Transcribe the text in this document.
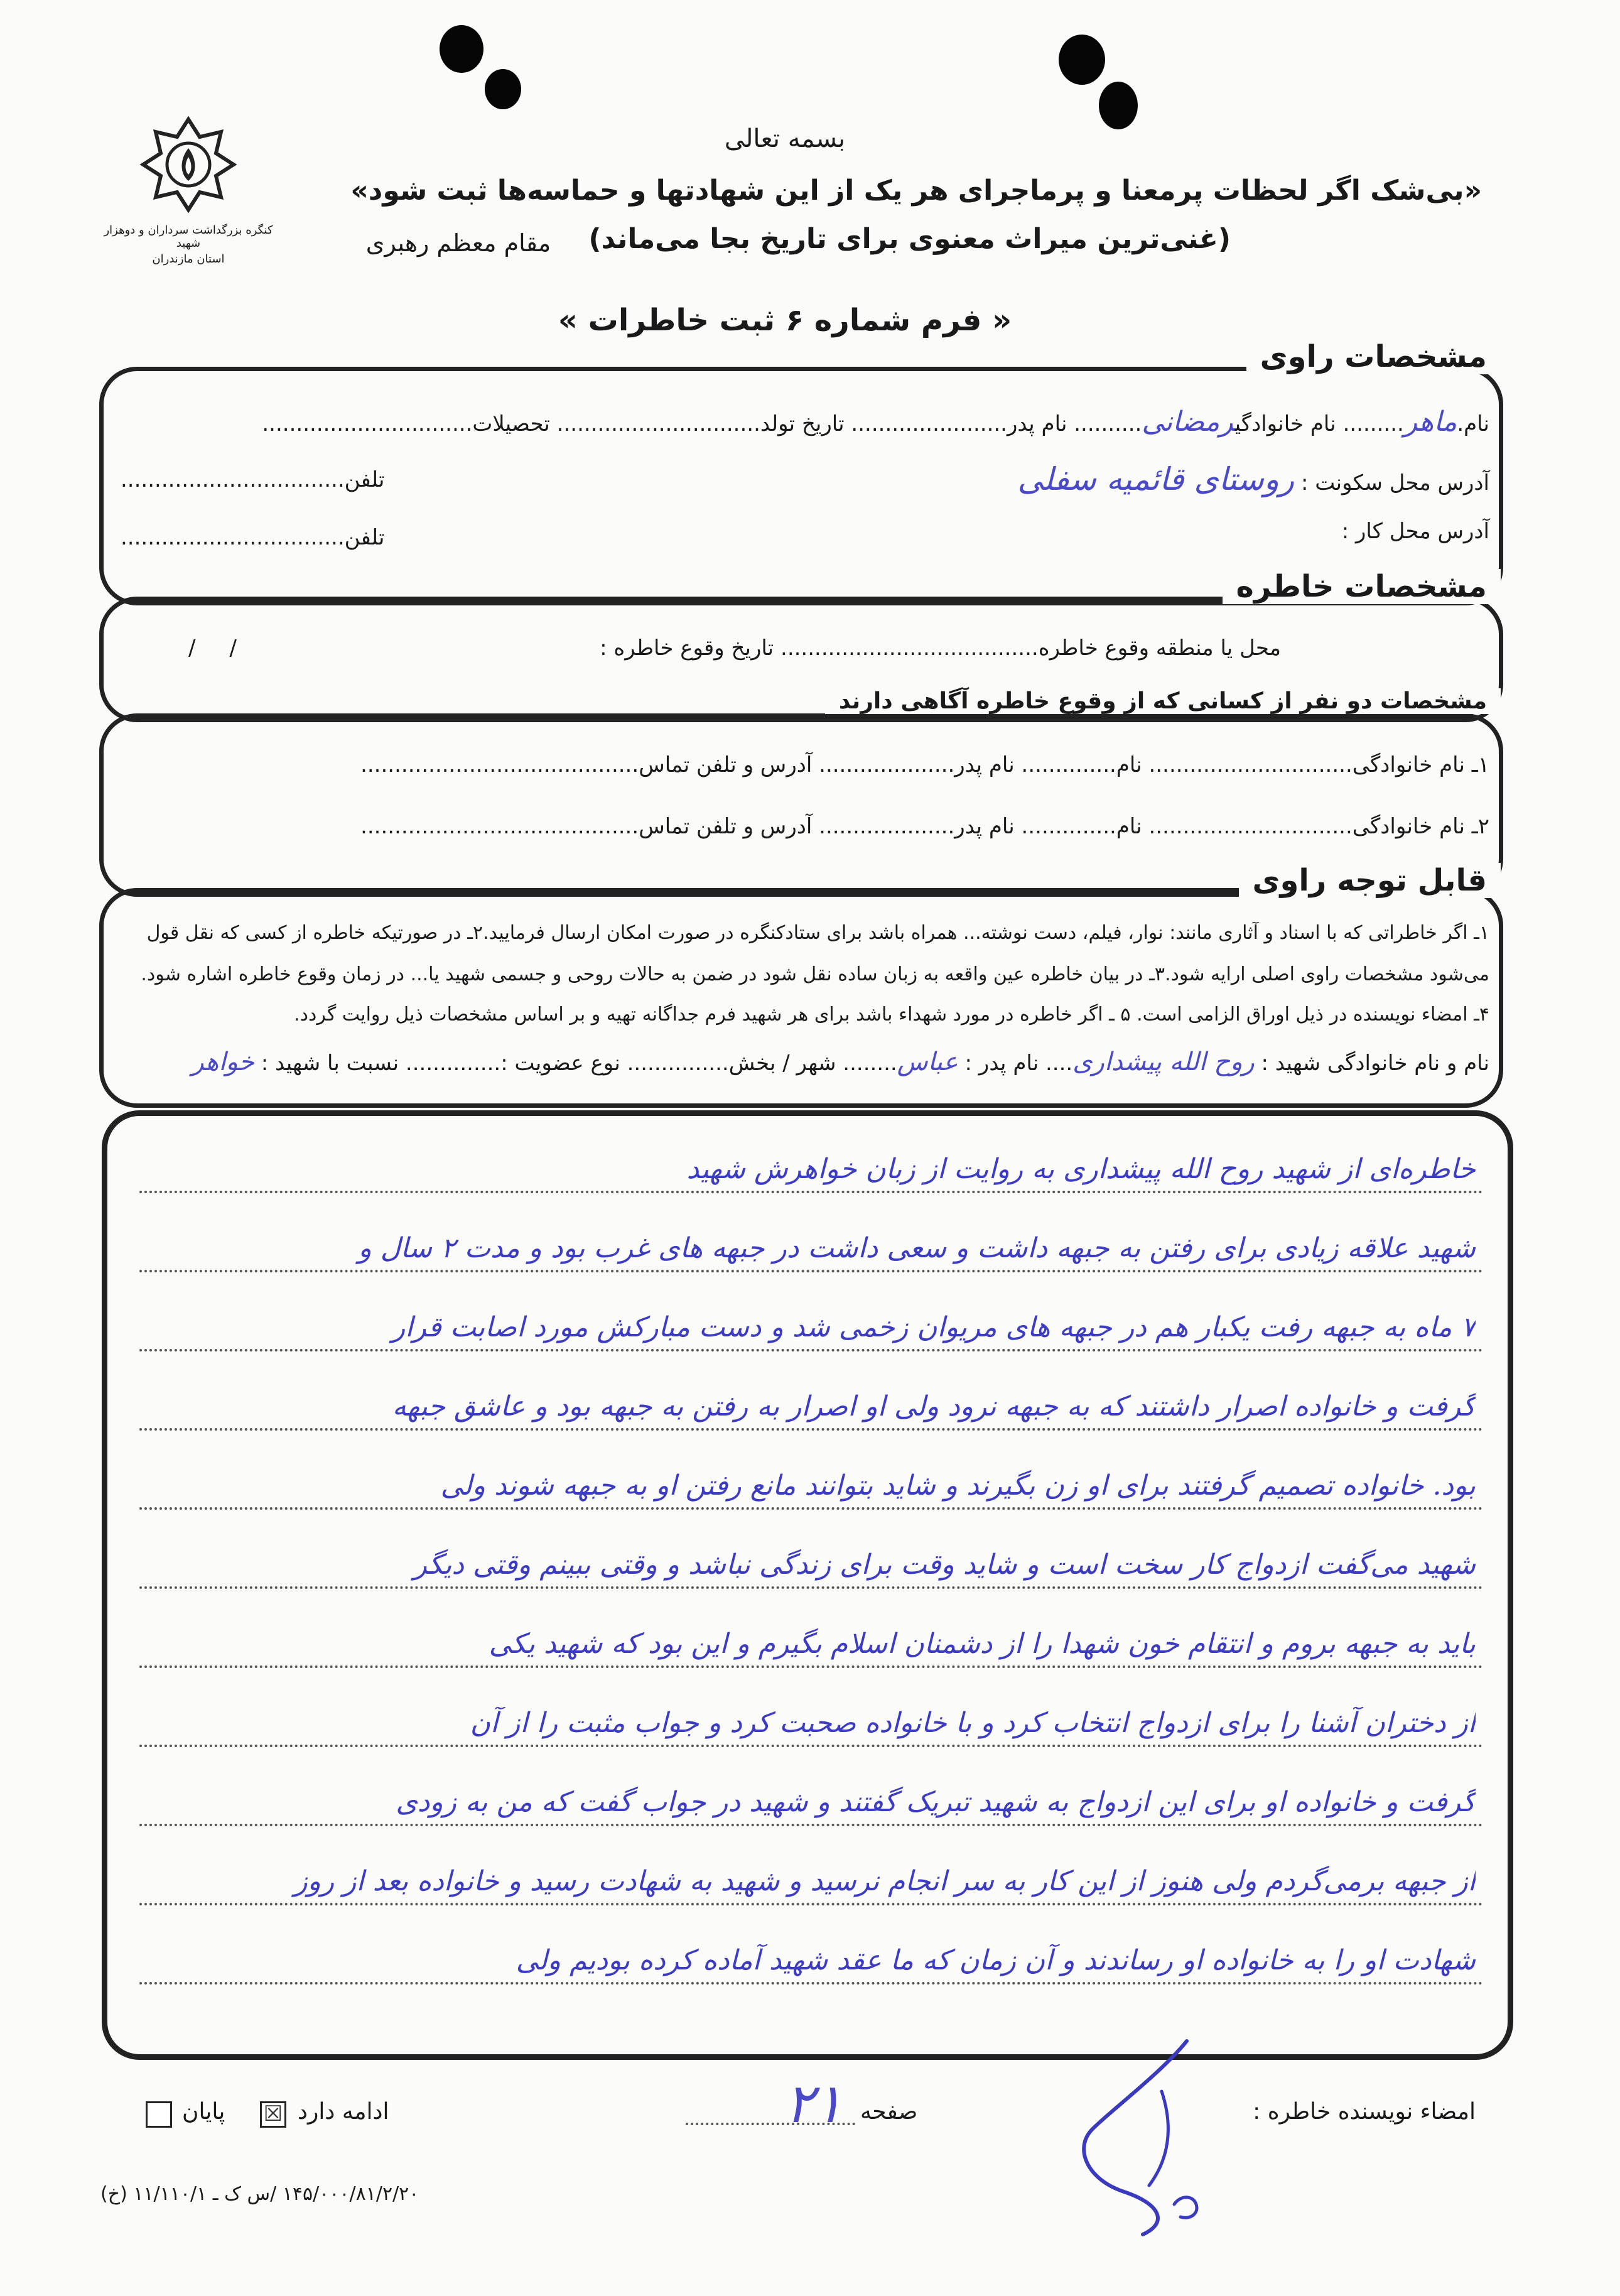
بسمه تعالی
«بی‌شک اگر لحظات پرمعنا و پرماجرای هر یک از این شهادتها و حماسه‌ها ثبت شود»
(غنی‌ترین میراث معنوی برای تاریخ بجا می‌ماند)
مقام معظم رهبری
کنگره بزرگداشت سرداران و دوهزار شهید
استان مازندران
« فرم شماره ۶ ثبت خاطرات »
مشخصات راوی
نام.ماهر......... نام خانوادگیرمضانی.......... نام پدر....................... تاریخ تولد.............................. تحصیلات...............................
آدرس محل سکونت : روستای قائمیه سفلی
تلفن.................................
آدرس محل کار :
تلفن.................................
مشخصات خاطره
محل یا منطقه وقوع خاطره...................................... تاریخ وقوع خاطره :
/     /
مشخصات دو نفر از کسانی که از وقوع خاطره آگاهی دارند
۱ـ نام خانوادگی.............................. نام.............. نام پدر.................... آدرس و تلفن تماس.........................................
۲ـ نام خانوادگی.............................. نام.............. نام پدر.................... آدرس و تلفن تماس.........................................
قابل توجه راوی
۱ـ اگر خاطراتی که با اسناد و آثاری مانند: نوار، فیلم، دست نوشته... همراه باشد برای ستادکنگره در صورت امکان ارسال فرمایید.۲ـ در صورتیکه خاطره از کسی که نقل قول
می‌شود مشخصات راوی اصلی ارایه شود.۳ـ در بیان خاطره عین واقعه به زبان ساده نقل شود در ضمن به حالات روحی و جسمی شهید یا... در زمان وقوع خاطره اشاره شود.
۴ـ امضاء نویسنده در ذیل اوراق الزامی است. ۵ ـ اگر خاطره در مورد شهداء باشد برای هر شهید فرم جداگانه تهیه و بر اساس مشخصات ذیل روایت گردد.
نام و نام خانوادگی شهید : روح الله پیشداری.... نام پدر : عباس........ شهر / بخش............... نوع عضویت :.............. نسبت با شهید : خواهر
خاطره‌ای از شهید روح الله پیشداری به روایت از زبان خواهرش شهید
شهید علاقه زیادی برای رفتن به جبهه داشت و سعی داشت در جبهه های غرب بود و مدت ۲ سال و
۷ ماه به جبهه رفت یکبار هم در جبهه های مریوان زخمی شد و دست مبارکش مورد اصابت قرار
گرفت و خانواده اصرار داشتند که به جبهه نرود ولی او اصرار به رفتن به جبهه بود و عاشق جبهه
بود. خانواده تصمیم گرفتند برای او زن بگیرند و شاید بتوانند مانع رفتن او به جبهه شوند ولی
شهید می‌گفت ازدواج کار سخت است و شاید وقت برای زندگی نباشد و وقتی ببینم وقتی دیگر
باید به جبهه بروم و انتقام خون شهدا را از دشمنان اسلام بگیرم و این بود که شهید یکی
از دختران آشنا را برای ازدواج انتخاب کرد و با خانواده صحبت کرد و جواب مثبت را از آن
گرفت و خانواده او برای این ازدواج به شهید تبریک گفتند و شهید در جواب گفت که من به زودی
از جبهه برمی‌گردم ولی هنوز از این کار به سر انجام نرسید و شهید به شهادت رسید و خانواده بعد از روز
شهادت او را به خانواده او رساندند و آن زمان که ما عقد شهید آماده کرده بودیم ولی
امضاء نویسنده خاطره :
صفحه
۲۱
ادامه دارد
☒
پایان
۱۴۵/۰۰۰/۸۱/۲/۲۰ /س ک ـ ۱۱/۱۱۰/۱ (خ)
